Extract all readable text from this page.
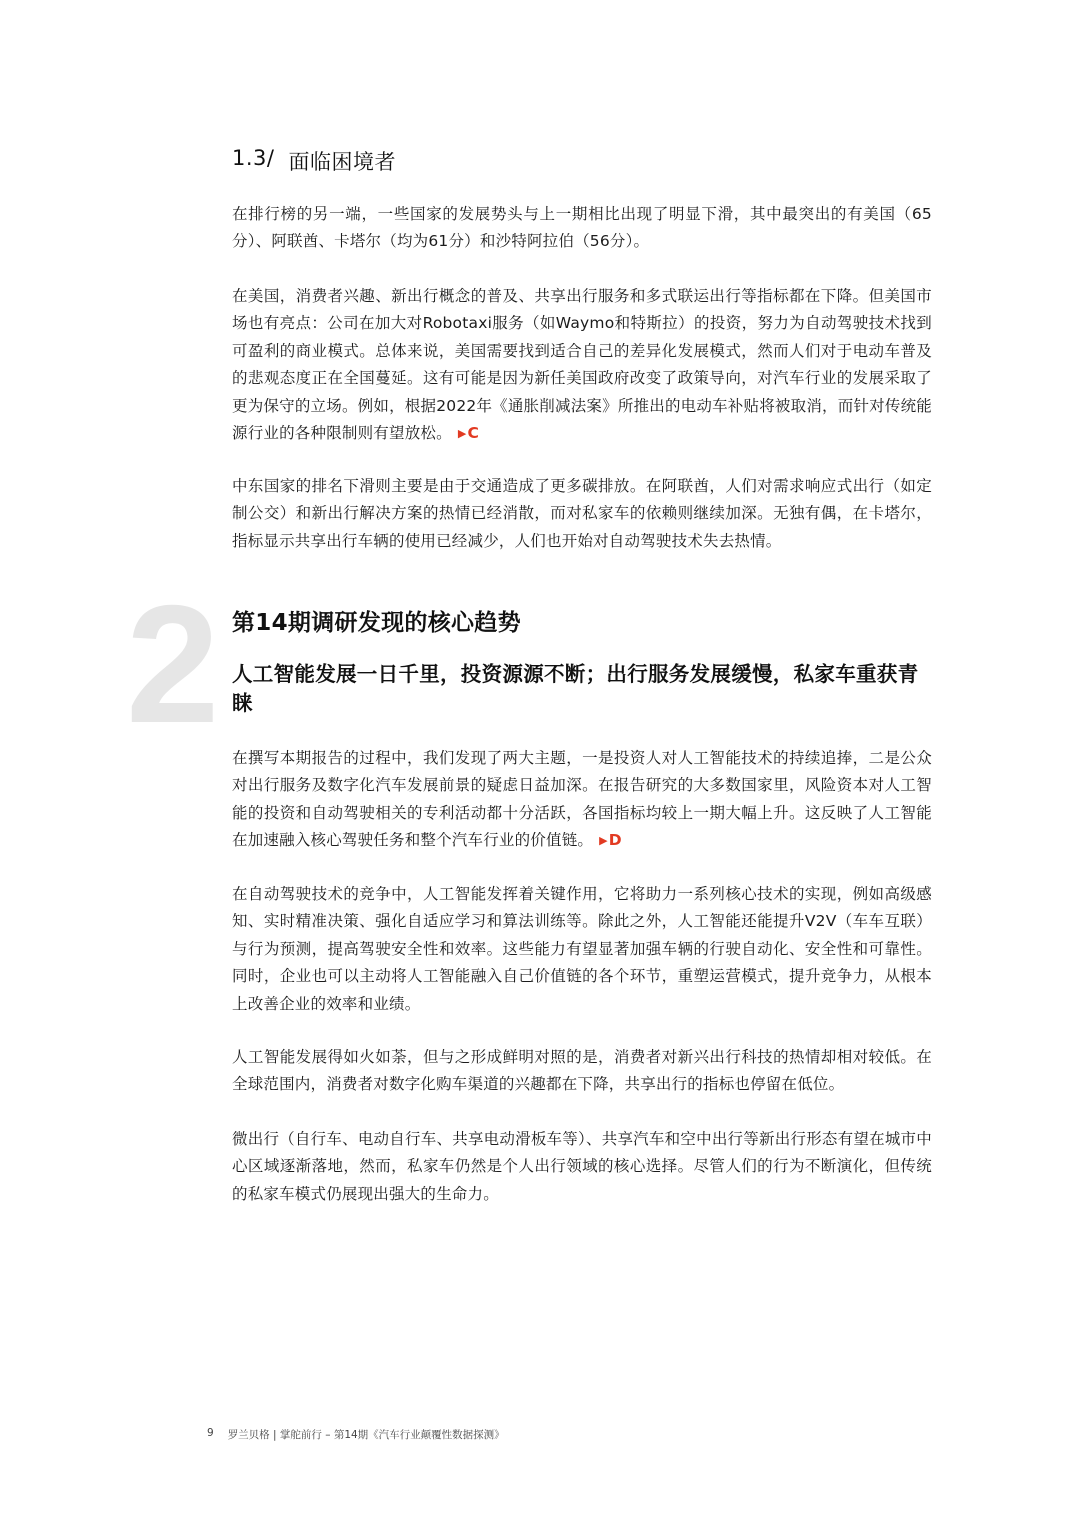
1.3/ 面临困境者

在排行榜的另一端，一些国家的发展势头与上一期相比出现了明显下滑，其中最突出的有美国（65分）、阿联酋、卡塔尔（均为61分）和沙特阿拉伯（56分）。

在美国，消费者兴趣、新出行概念的普及、共享出行服务和多式联运出行等指标都在下降。但美国市场也有亮点：公司在加大对Robotaxi服务（如Waymo和特斯拉）的投资，努力为自动驾驶技术找到可盈利的商业模式。总体来说，美国需要找到适合自己的差异化发展模式，然而人们对于电动车普及的悲观态度正在全国蔓延。这有可能是因为新任美国政府改变了政策导向，对汽车行业的发展采取了更为保守的立场。例如，根据2022年《通胀削减法案》所推出的电动车补贴将被取消，而针对传统能源行业的各种限制则有望放松。 ▶C

中东国家的排名下滑则主要是由于交通造成了更多碳排放。在阿联酋，人们对需求响应式出行（如定制公交）和新出行解决方案的热情已经消散，而对私家车的依赖则继续加深。无独有偶，在卡塔尔，指标显示共享出行车辆的使用已经减少，人们也开始对自动驾驶技术失去热情。

2 第14期调研发现的核心趋势
人工智能发展一日千里，投资源源不断；出行服务发展缓慢，私家车重获青睐

在撰写本期报告的过程中，我们发现了两大主题，一是投资人对人工智能技术的持续追捧，二是公众对出行服务及数字化汽车发展前景的疑虑日益加深。在报告研究的大多数国家里，风险资本对人工智能的投资和自动驾驶相关的专利活动都十分活跃，各国指标均较上一期大幅上升。这反映了人工智能在加速融入核心驾驶任务和整个汽车行业的价值链。 ▶D

在自动驾驶技术的竞争中，人工智能发挥着关键作用，它将助力一系列核心技术的实现，例如高级感知、实时精准决策、强化自适应学习和算法训练等。除此之外，人工智能还能提升V2V（车车互联）与行为预测，提高驾驶安全性和效率。这些能力有望显著加强车辆的行驶自动化、安全性和可靠性。同时，企业也可以主动将人工智能融入自己价值链的各个环节，重塑运营模式，提升竞争力，从根本上改善企业的效率和业绩。

人工智能发展得如火如荼，但与之形成鲜明对照的是，消费者对新兴出行科技的热情却相对较低。在全球范围内，消费者对数字化购车渠道的兴趣都在下降，共享出行的指标也停留在低位。

微出行（自行车、电动自行车、共享电动滑板车等）、共享汽车和空中出行等新出行形态有望在城市中心区域逐渐落地，然而，私家车仍然是个人出行领域的核心选择。尽管人们的行为不断演化，但传统的私家车模式仍展现出强大的生命力。

9 罗兰贝格 | 掌舵前行 – 第14期《汽车行业颠覆性数据探测》
